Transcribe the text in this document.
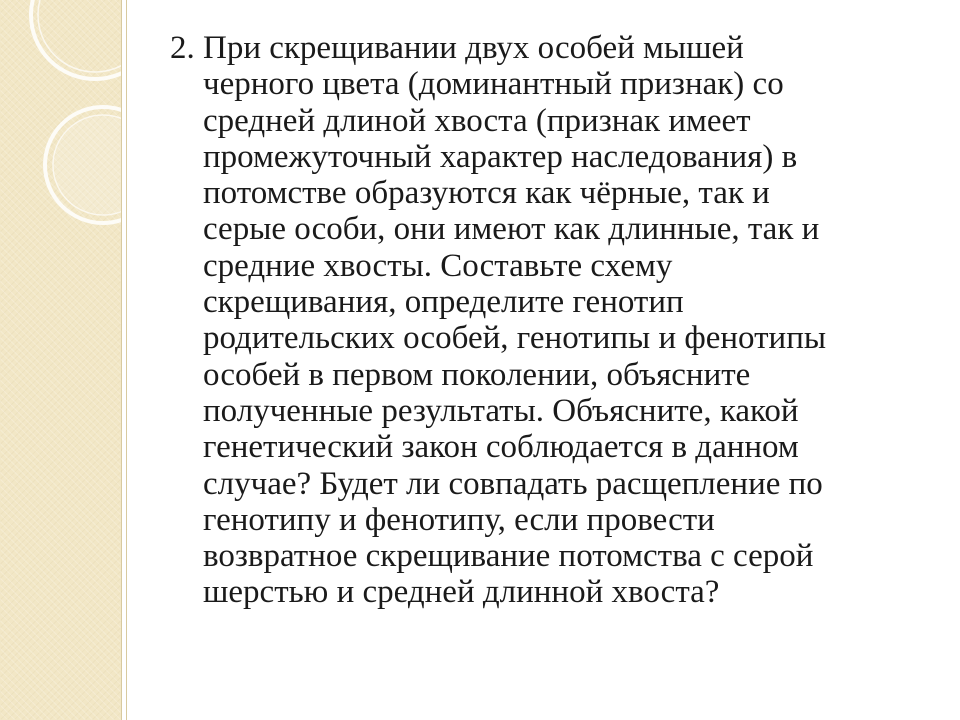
2. При скрещивании двух особей мышей

черного цвета (доминантный признак) со

средней длиной хвоста (признак имеет

промежуточный характер наследования) в

потомстве образуются как чёрные, так и

серые особи, они имеют как длинные, так и

средние хвосты. Составьте схему

скрещивания, определите генотип

родительских особей, генотипы и фенотипы

особей в первом поколении, объясните

полученные результаты. Объясните, какой

генетический закон соблюдается в данном

случае? Будет ли совпадать расщепление по

генотипу и фенотипу, если провести

возвратное скрещивание потомства с серой

шерстью и средней длинной хвоста?
